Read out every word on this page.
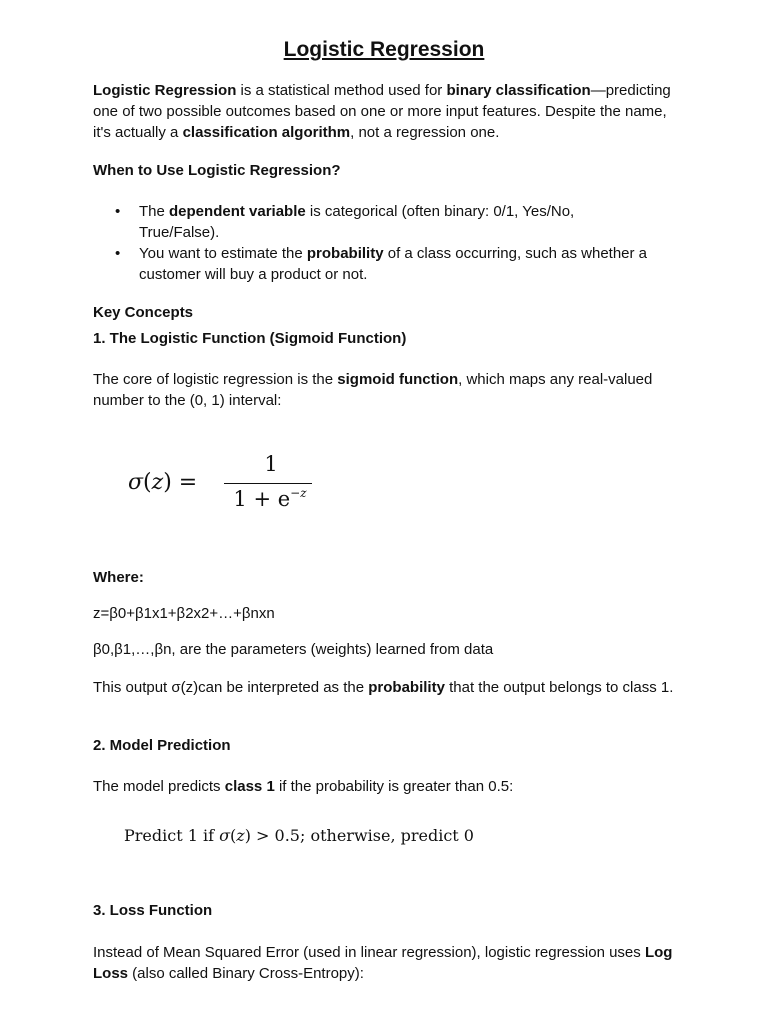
Logistic Regression

Logistic Regression is a statistical method used for binary classification—predicting one of two possible outcomes based on one or more input features. Despite the name, it's actually a classification algorithm, not a regression one.

When to Use Logistic Regression?

• The dependent variable is categorical (often binary: 0/1, Yes/No, True/False).
• You want to estimate the probability of a class occurring, such as whether a customer will buy a product or not.

Key Concepts

1. The Logistic Function (Sigmoid Function)

The core of logistic regression is the sigmoid function, which maps any real-valued number to the (0, 1) interval:

σ(z) =
1
$1 + e^{-z}$

Where:

z=β0+β1x1+β2x2+…+βnxn

β0,β1,…,βn, are the parameters (weights) learned from data

This output σ(z)can be interpreted as the probability that the output belongs to class 1.

2. Model Prediction

The model predicts class 1 if the probability is greater than 0.5:

Predict 1 if σ(z) > 0.5; otherwise, predict 0

3. Loss Function

Instead of Mean Squared Error (used in linear regression), logistic regression uses Log Loss (also called Binary Cross-Entropy):
